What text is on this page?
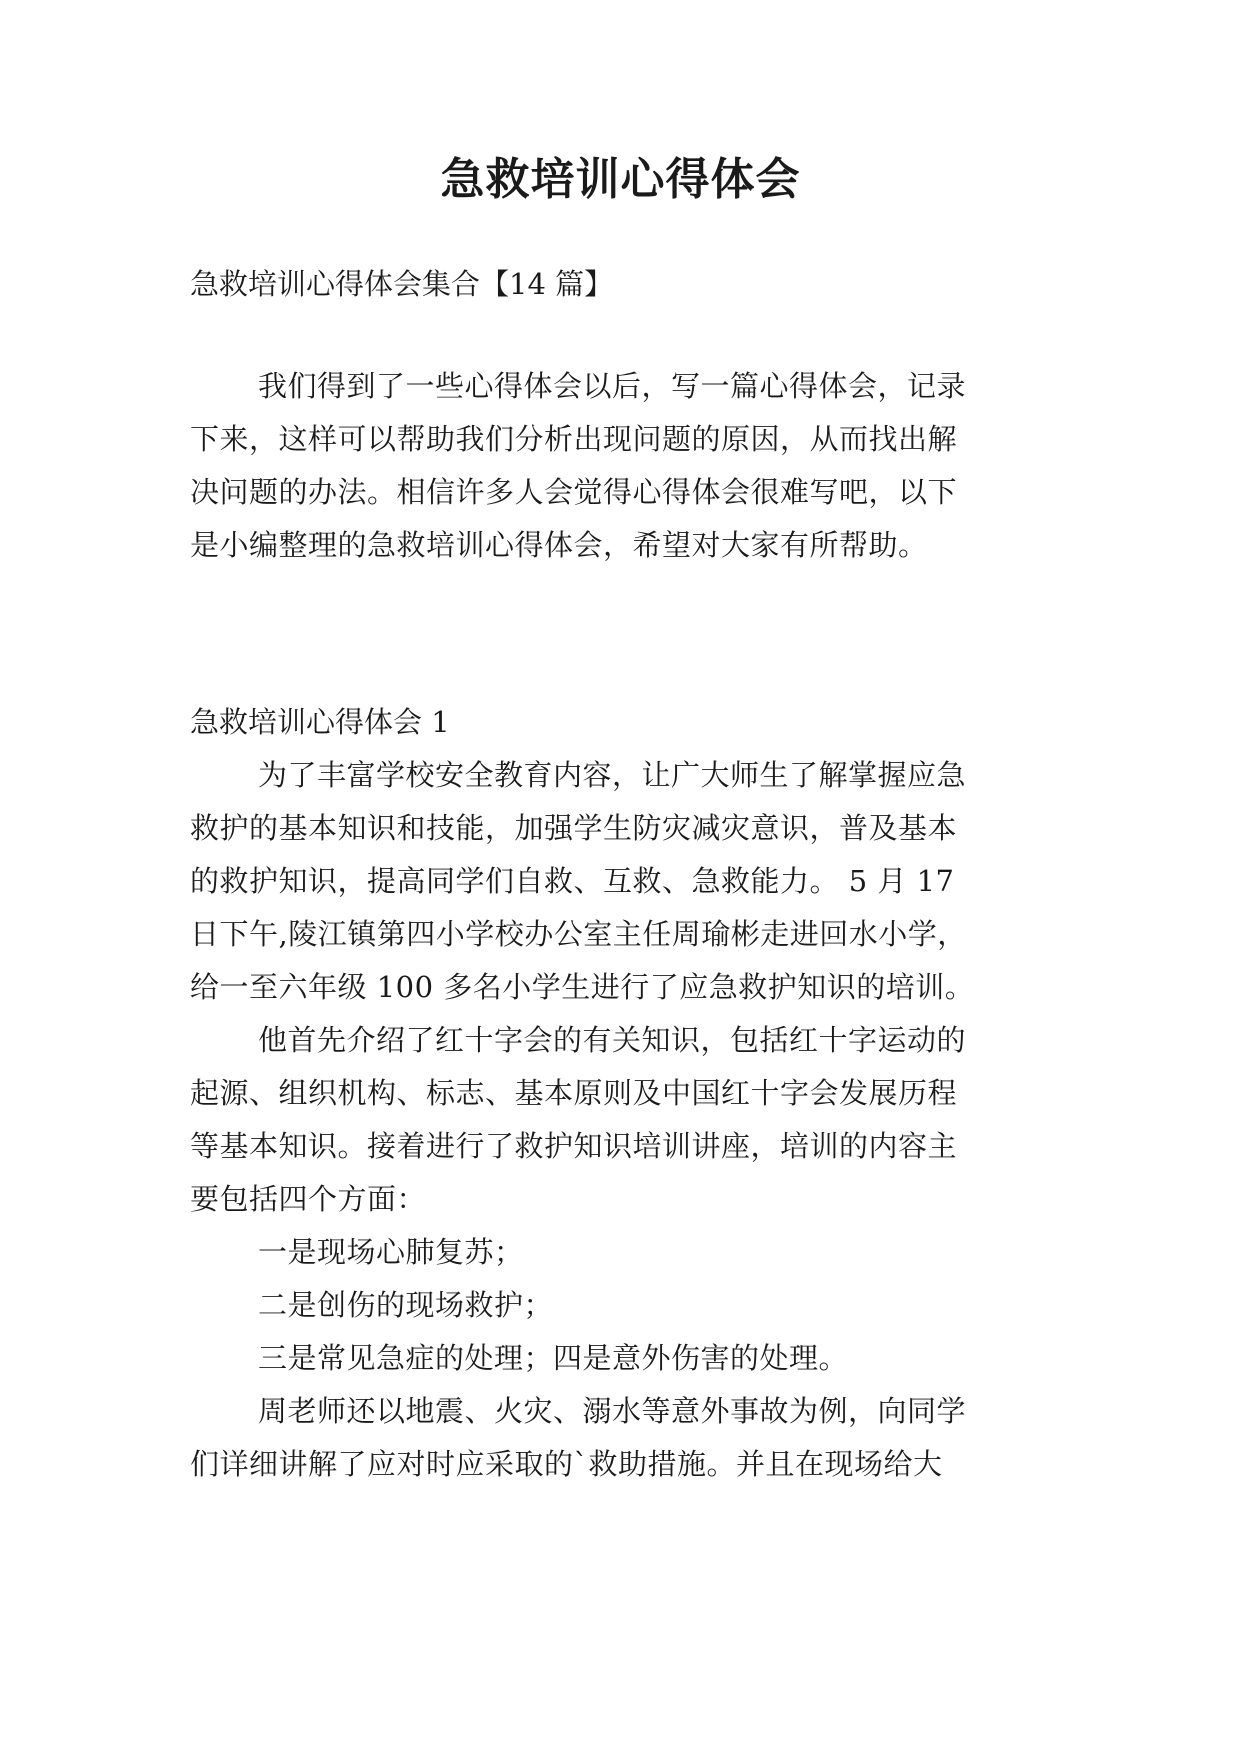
急救培训心得体会
急救培训心得体会集合【14 篇】
我们得到了一些心得体会以后，写一篇心得体会，记录
下来，这样可以帮助我们分析出现问题的原因，从而找出解
决问题的办法。相信许多人会觉得心得体会很难写吧，以下
是小编整理的急救培训心得体会，希望对大家有所帮助。
急救培训心得体会 1
为了丰富学校安全教育内容，让广大师生了解掌握应急
救护的基本知识和技能，加强学生防灾减灾意识，普及基本
的救护知识，提高同学们自救、互救、急救能力。 5 月 17
日下午,陵江镇第四小学校办公室主任周瑜彬走进回水小学，
给一至六年级 100 多名小学生进行了应急救护知识的培训。
他首先介绍了红十字会的有关知识，包括红十字运动的
起源、组织机构、标志、基本原则及中国红十字会发展历程
等基本知识。接着进行了救护知识培训讲座，培训的内容主
要包括四个方面：
一是现场心肺复苏；
二是创伤的现场救护；
三是常见急症的处理；四是意外伤害的处理。
周老师还以地震、火灾、溺水等意外事故为例，向同学
们详细讲解了应对时应采取的`救助措施。并且在现场给大
